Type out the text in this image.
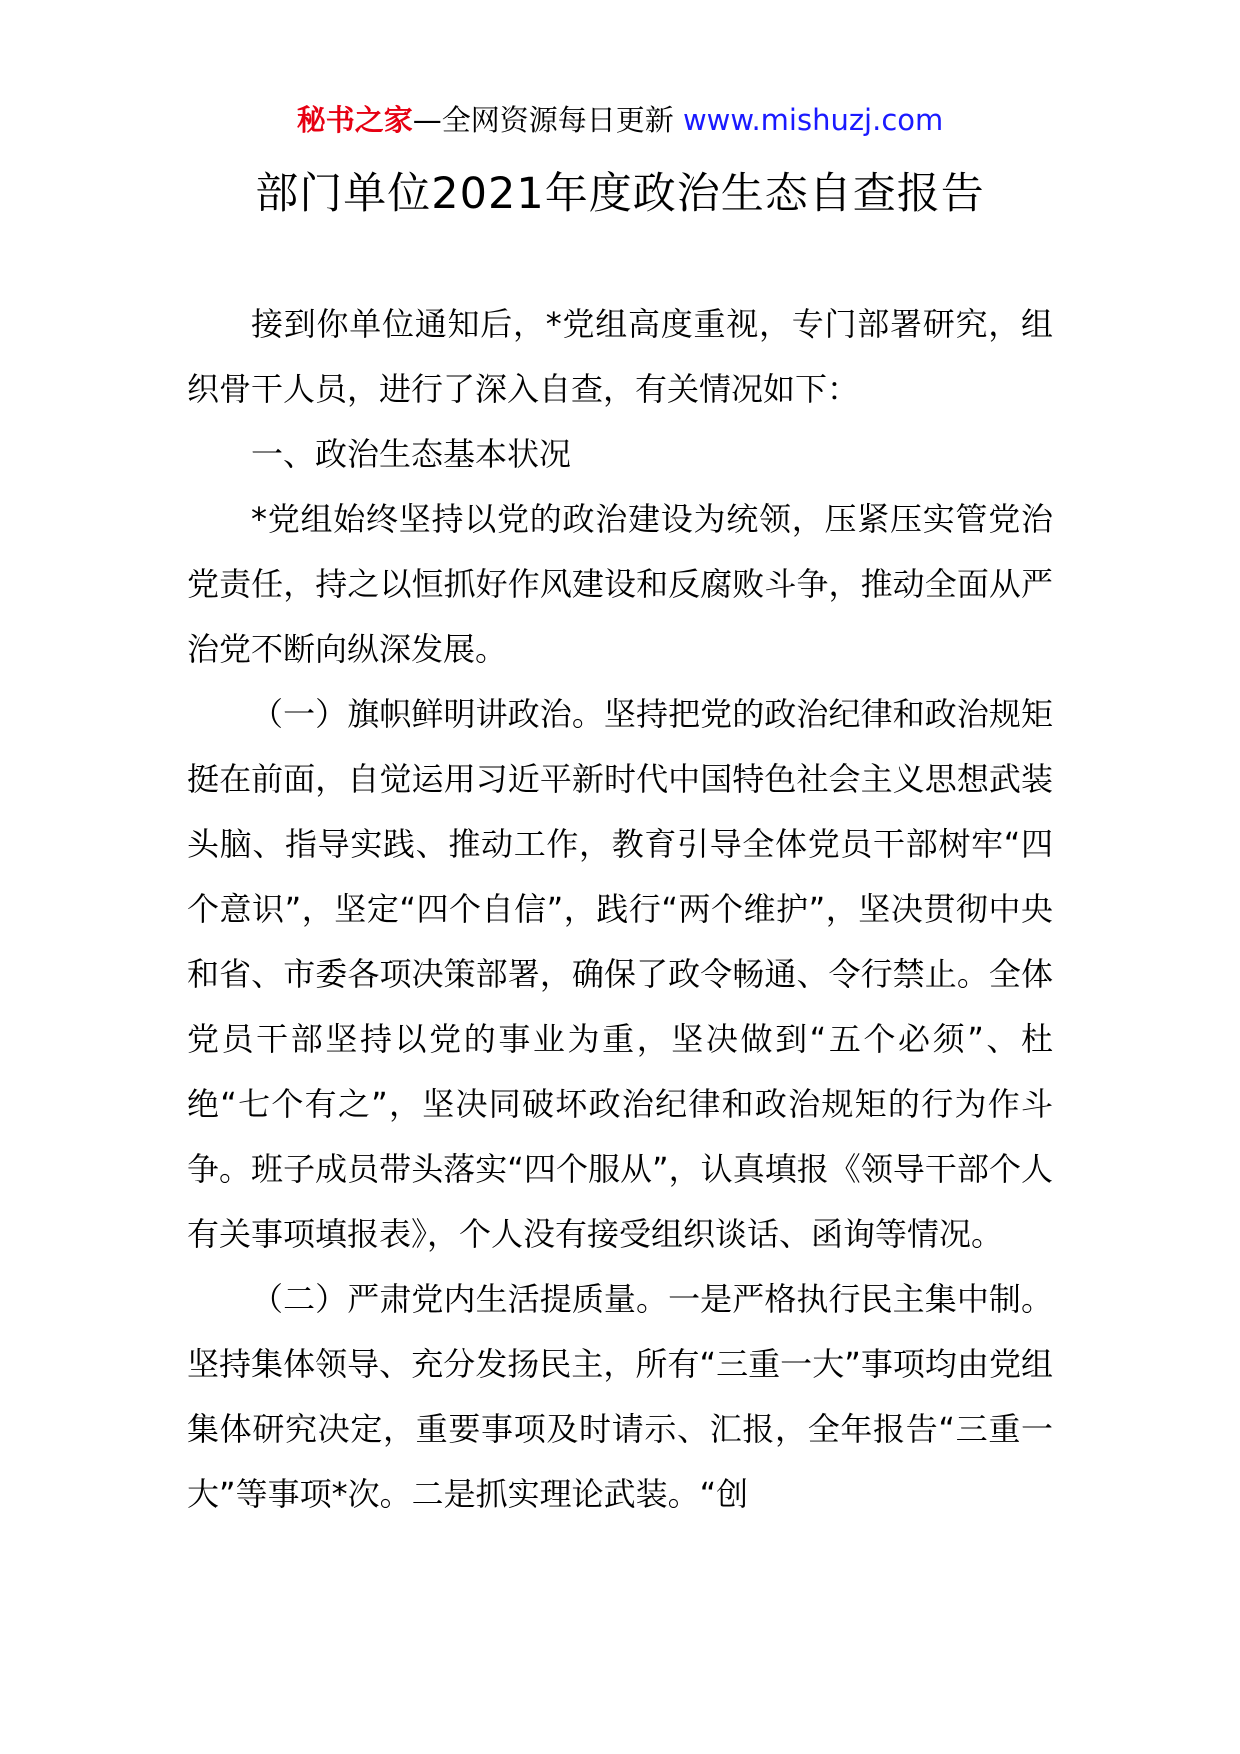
秘书之家—全网资源每日更新 www.mishuzj.com
部门单位2021年度政治生态自查报告

接到你单位通知后，*党组高度重视，专门部署研究，组织骨干人员，进行了深入自查，有关情况如下：

一、政治生态基本状况

*党组始终坚持以党的政治建设为统领，压紧压实管党治党责任，持之以恒抓好作风建设和反腐败斗争，推动全面从严治党不断向纵深发展。

（一）旗帜鲜明讲政治。坚持把党的政治纪律和政治规矩挺在前面，自觉运用习近平新时代中国特色社会主义思想武装头脑、指导实践、推动工作，教育引导全体党员干部树牢“四个意识”，坚定“四个自信”，践行“两个维护”，坚决贯彻中央和省、市委各项决策部署，确保了政令畅通、令行禁止。全体党员干部坚持以党的事业为重，坚决做到“五个必须”、杜绝“七个有之”，坚决同破坏政治纪律和政治规矩的行为作斗争。班子成员带头落实“四个服从”，认真填报《领导干部个人有关事项填报表》，个人没有接受组织谈话、函询等情况。

（二）严肃党内生活提质量。一是严格执行民主集中制。坚持集体领导、充分发扬民主，所有“三重一大”事项均由党组集体研究决定，重要事项及时请示、汇报，全年报告“三重一大”等事项*次。二是抓实理论武装。“创
